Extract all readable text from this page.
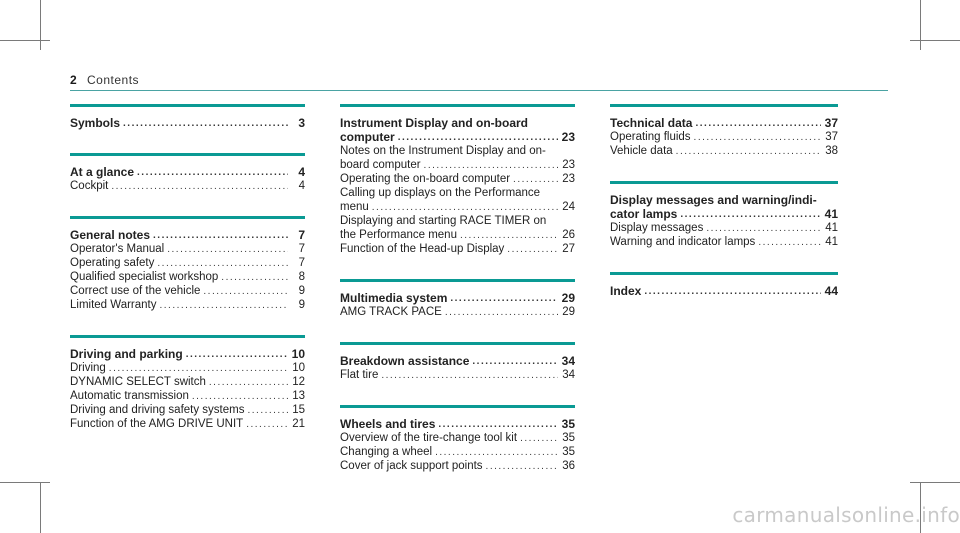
2 Contents
Symbols .....	3
At a glance .....	4
Cockpit .....	4
General notes .....	7
Operator's Manual .....	7
Operating safety .....	7
Qualified specialist workshop .....	8
Correct use of the vehicle .....	9
Limited Warranty .....	9
Driving and parking .....	10
Driving .....	10
DYNAMIC SELECT switch .....	12
Automatic transmission .....	13
Driving and driving safety systems .....	15
Function of the AMG DRIVE UNIT .....	21
Instrument Display and on-board
computer .....	23
Notes on the Instrument Display and on-
board computer .....	23
Operating the on-board computer .....	23
Calling up displays on the Performance
menu .....	24
Displaying and starting RACE TIMER on
the Performance menu .....	26
Function of the Head-up Display .....	27
Multimedia system .....	29
AMG TRACK PACE .....	29
Breakdown assistance .....	34
Flat tire .....	34
Wheels and tires .....	35
Overview of the tire-change tool kit .....	35
Changing a wheel .....	35
Cover of jack support points .....	36
Technical data .....	37
Operating fluids .....	37
Vehicle data .....	38
Display messages and warning/indi-
cator lamps .....	41
Display messages .....	41
Warning and indicator lamps .....	41
Index .....	44
carmanualsonline.info
